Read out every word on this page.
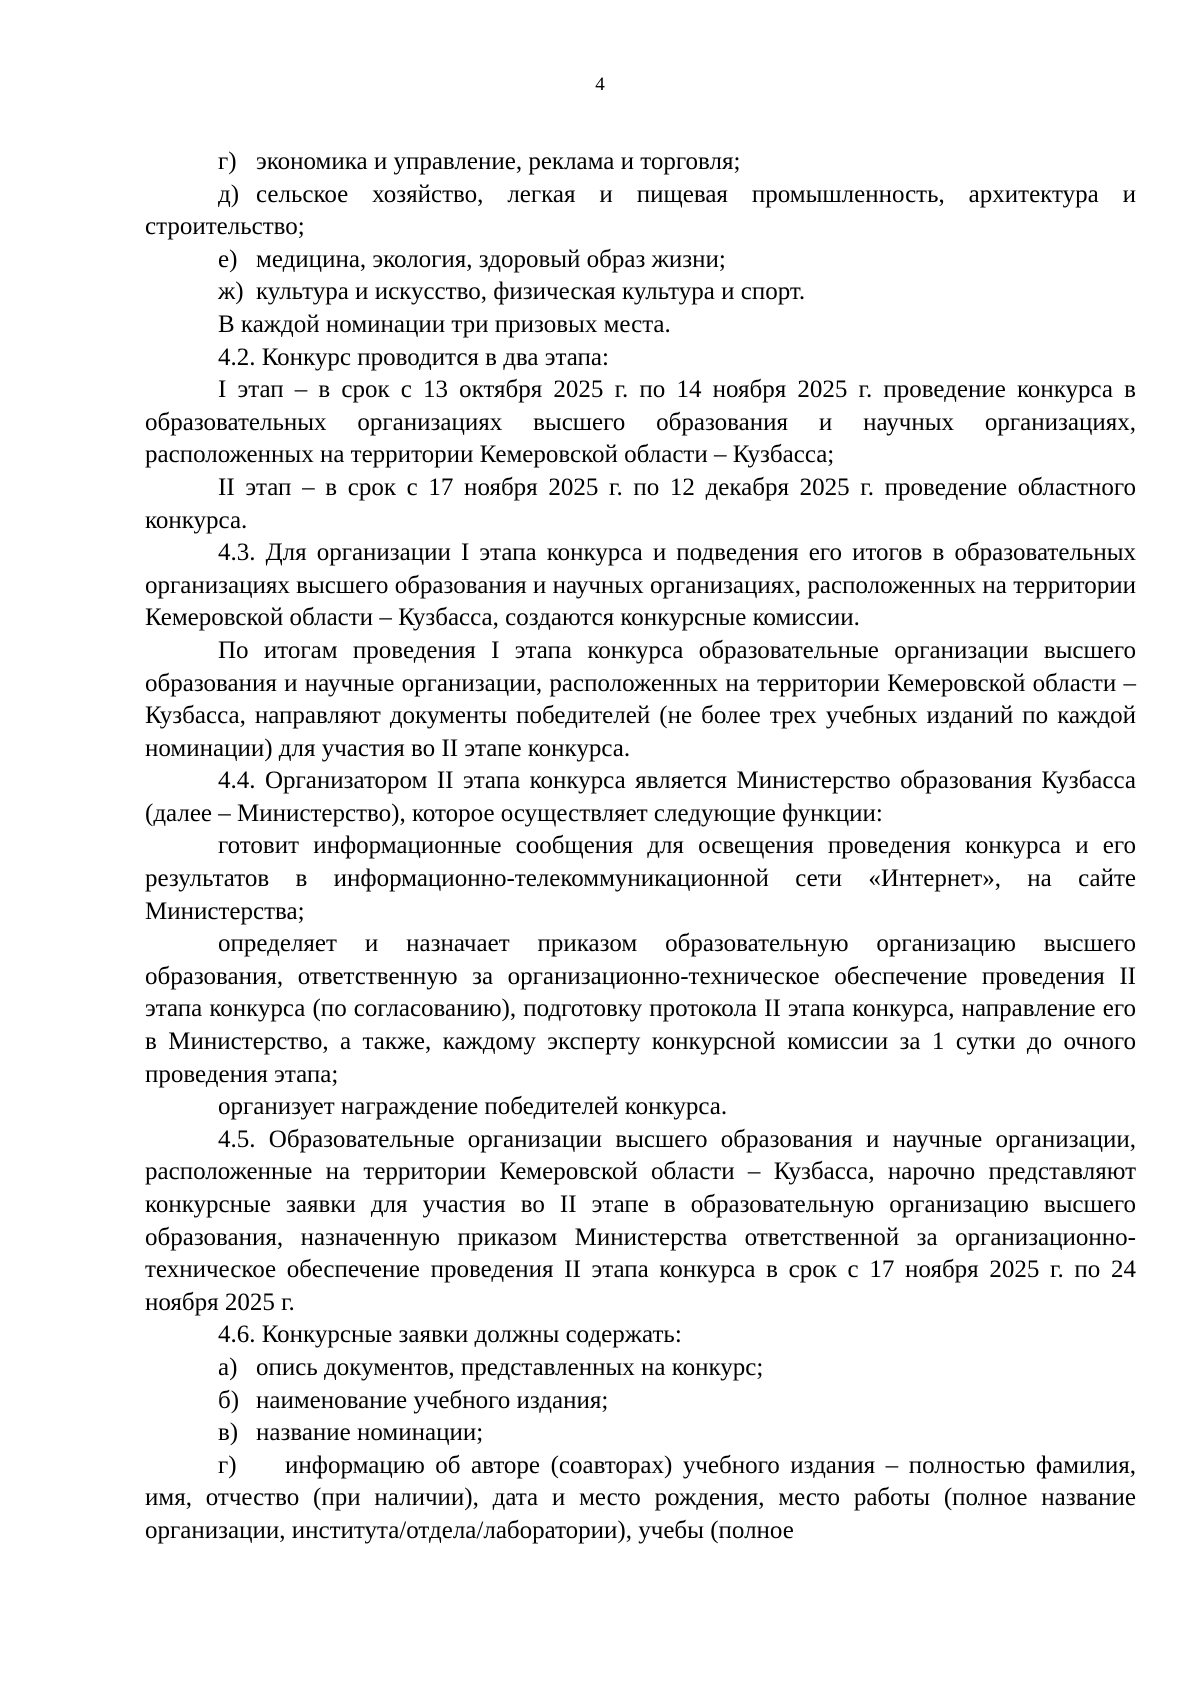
4

г) экономика и управление, реклама и торговля;

д) сельское хозяйство, легкая и пищевая промышленность, архитектура и строительство;

е) медицина, экология, здоровый образ жизни;

ж) культура и искусство, физическая культура и спорт.

В каждой номинации три призовых места.

4.2. Конкурс проводится в два этапа:

I этап – в срок с 13 октября 2025 г. по 14 ноября 2025 г. проведение конкурса в образовательных организациях высшего образования и научных организациях, расположенных на территории Кемеровской области – Кузбасса;

II этап – в срок с 17 ноября 2025 г. по 12 декабря 2025 г. проведение областного конкурса.

4.3. Для организации I этапа конкурса и подведения его итогов в образовательных организациях высшего образования и научных организациях, расположенных на территории Кемеровской области – Кузбасса, создаются конкурсные комиссии.

По итогам проведения I этапа конкурса образовательные организации высшего образования и научные организации, расположенных на территории Кемеровской области – Кузбасса, направляют документы победителей (не более трех учебных изданий по каждой номинации) для участия во II этапе конкурса.

4.4. Организатором II этапа конкурса является Министерство образования Кузбасса (далее – Министерство), которое осуществляет следующие функции:

готовит информационные сообщения для освещения проведения конкурса и его результатов в информационно-телекоммуникационной сети «Интернет», на сайте Министерства;

определяет и назначает приказом образовательную организацию высшего образования, ответственную за организационно-техническое обеспечение проведения II этапа конкурса (по согласованию), подготовку протокола II этапа конкурса, направление его в Министерство, а также, каждому эксперту конкурсной комиссии за 1 сутки до очного проведения этапа;

организует награждение победителей конкурса.

4.5. Образовательные организации высшего образования и научные организации, расположенные на территории Кемеровской области – Кузбасса, нарочно представляют конкурсные заявки для участия во II этапе в образовательную организацию высшего образования, назначенную приказом Министерства ответственной за организационно-техническое обеспечение проведения II этапа конкурса в срок с 17 ноября 2025 г. по 24 ноября 2025 г.

4.6. Конкурсные заявки должны содержать:

а) опись документов, представленных на конкурс;

б) наименование учебного издания;

в) название номинации;

г) информацию об авторе (соавторах) учебного издания – полностью фамилия, имя, отчество (при наличии), дата и место рождения, место работы (полное название организации, института/отдела/лаборатории), учебы (полное
